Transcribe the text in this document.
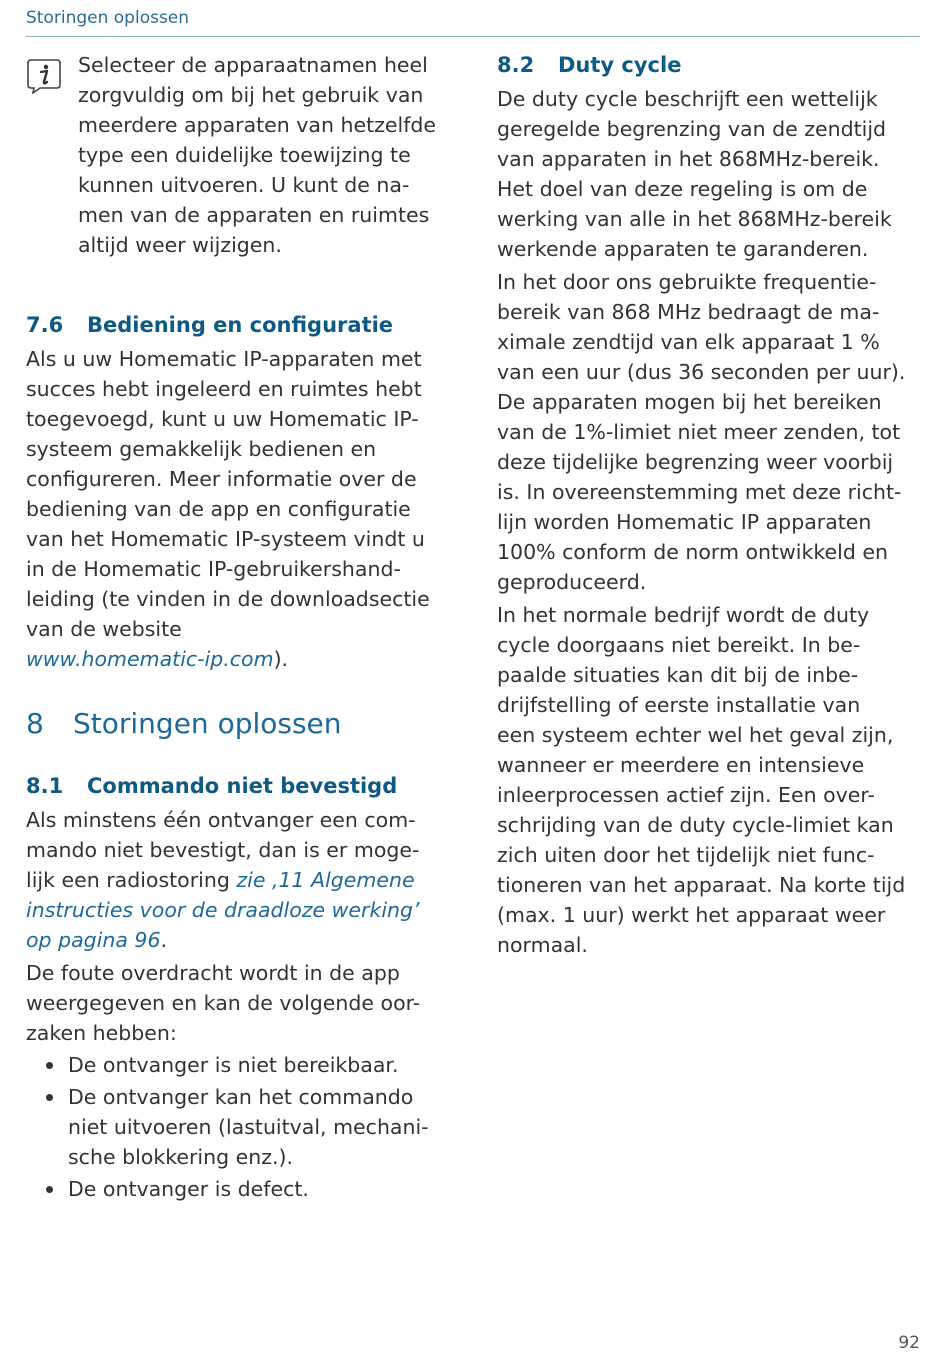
Storingen oplossen

Selecteer de apparaatnamen heel

zorgvuldig om bij het gebruik van

meerdere apparaten van hetzelfde

type een duidelijke toewijzing te

kunnen uitvoeren. U kunt de na-

men van de apparaten en ruimtes

altijd weer wijzigen.

7.6	Bediening en configuratie

Als u uw Homematic IP-apparaten met

succes hebt ingeleerd en ruimtes hebt

toegevoegd, kunt u uw Homematic IP-

systeem gemakkelijk bedienen en

configureren. Meer informatie over de

bediening van de app en configuratie

van het Homematic IP-systeem vindt u

in de Homematic IP-gebruikershand-

leiding (te vinden in de downloadsectie

van de website

www.homematic-ip.com).

8	Storingen oplossen
8.1	Commando niet bevestigd

Als minstens één ontvanger een com-

mando niet bevestigt, dan is er moge-

lijk een radiostoring zie ‚11 Algemene

instructies voor de draadloze werking’

op pagina 96.

De foute overdracht wordt in de app

weergegeven en kan de volgende oor-

zaken hebben:

De ontvanger is niet bereikbaar.
De ontvanger kan het commando
niet uitvoeren (lastuitval, mechani-
sche blokkering enz.).
De ontvanger is defect.
8.2	Duty cycle

De duty cycle beschrijft een wettelijk

geregelde begrenzing van de zendtijd

van apparaten in het 868MHz-bereik.

Het doel van deze regeling is om de

werking van alle in het 868MHz-bereik

werkende apparaten te garanderen.

In het door ons gebruikte frequentie-

bereik van 868 MHz bedraagt de ma-

ximale zendtijd van elk apparaat 1 %

van een uur (dus 36 seconden per uur).

De apparaten mogen bij het bereiken

van de 1%-limiet niet meer zenden, tot

deze tijdelijke begrenzing weer voorbij

is. In overeenstemming met deze richt-

lijn worden Homematic IP apparaten

100% conform de norm ontwikkeld en

geproduceerd.

In het normale bedrijf wordt de duty

cycle doorgaans niet bereikt. In be-

paalde situaties kan dit bij de inbe-

drijfstelling of eerste installatie van

een systeem echter wel het geval zijn,

wanneer er meerdere en intensieve

inleerprocessen actief zijn. Een over-

schrijding van de duty cycle-limiet kan

zich uiten door het tijdelijk niet func-

tioneren van het apparaat. Na korte tijd

(max. 1 uur) werkt het apparaat weer

normaal.

92
